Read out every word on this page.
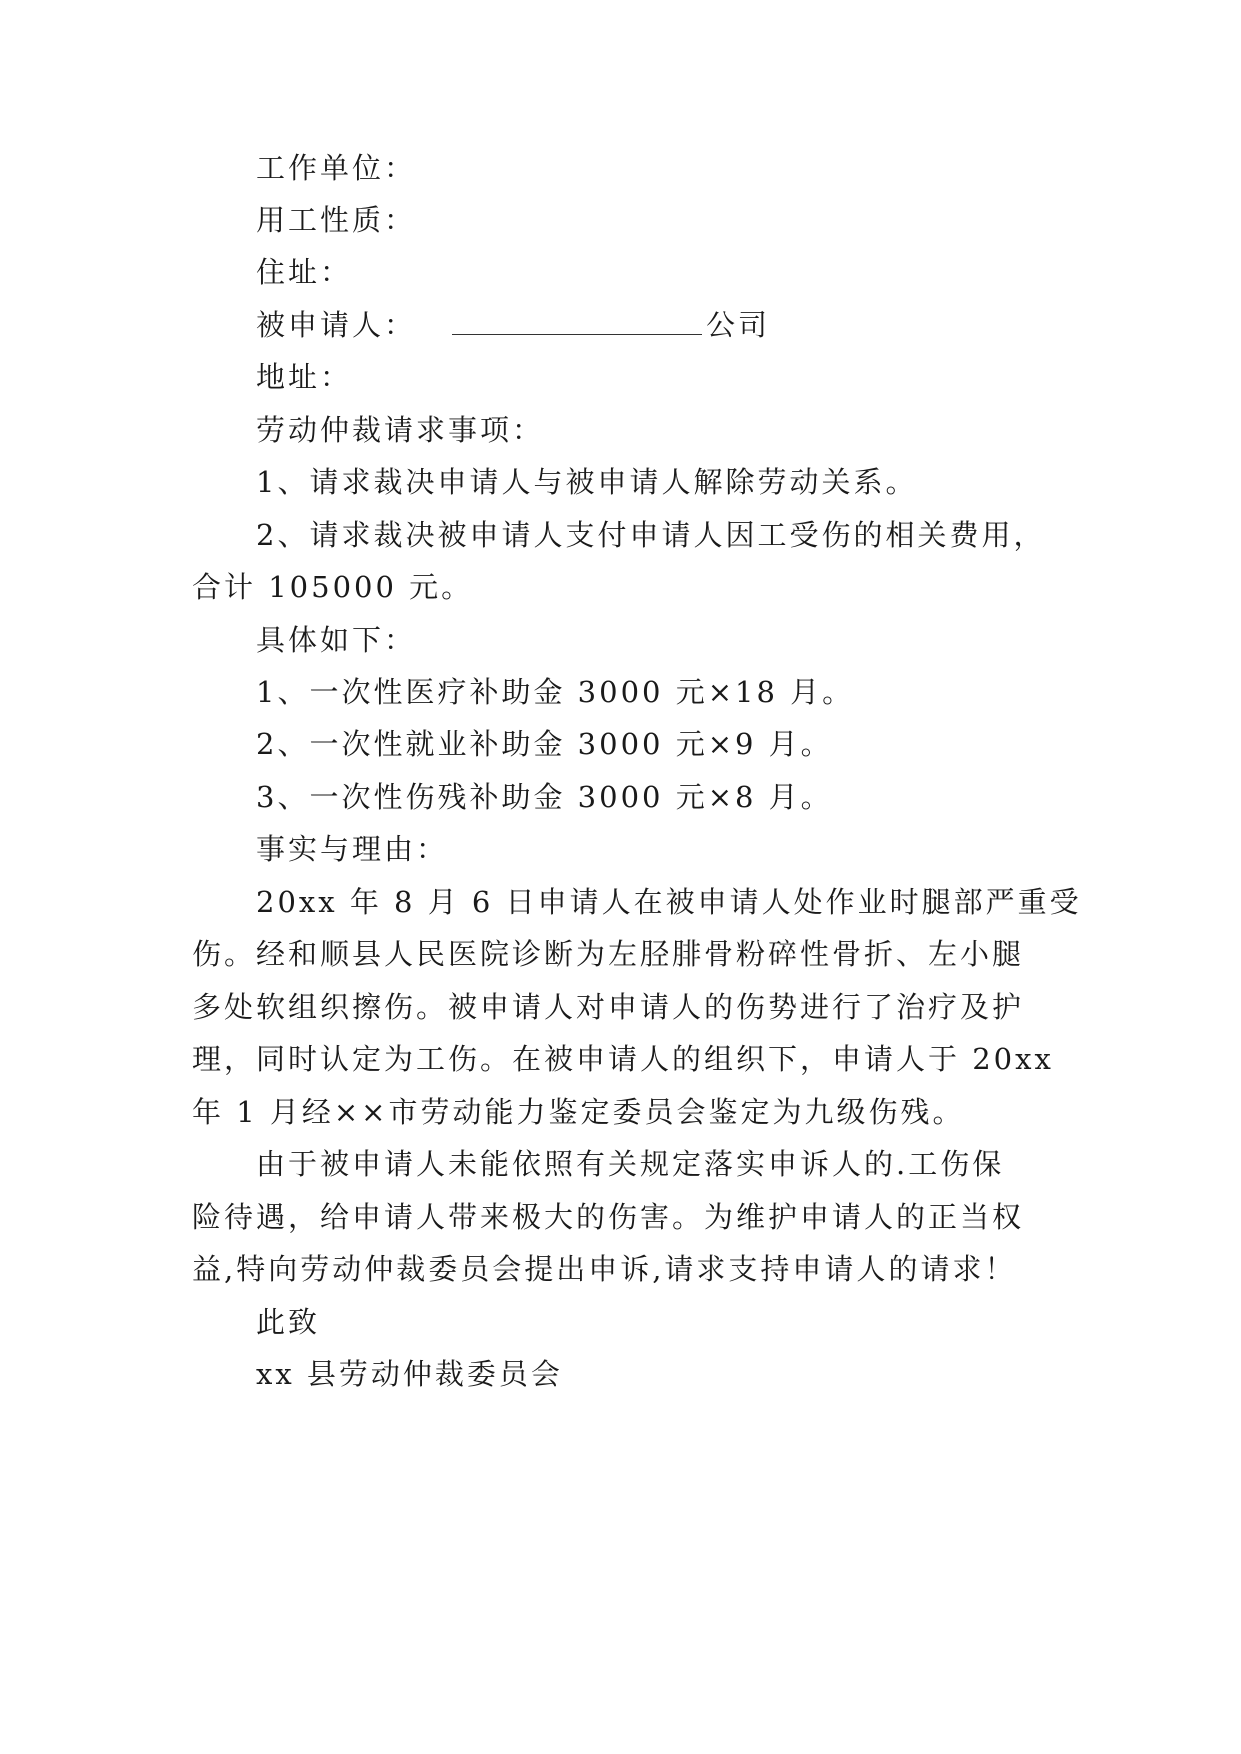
工作单位：
用工性质：
住址：
被申请人：	公司
地址：
劳动仲裁请求事项：
1、请求裁决申请人与被申请人解除劳动关系。
2、请求裁决被申请人支付申请人因工受伤的相关费用，
合计 105000 元。
具体如下：
1、一次性医疗补助金 3000 元×18 月。
2、一次性就业补助金 3000 元×9 月。
3、一次性伤残补助金 3000 元×8 月。
事实与理由：
20xx 年 8 月 6 日申请人在被申请人处作业时腿部严重受
伤。经和顺县人民医院诊断为左胫腓骨粉碎性骨折、左小腿
多处软组织擦伤。被申请人对申请人的伤势进行了治疗及护
理，同时认定为工伤。在被申请人的组织下，申请人于 20xx
年 1 月经××市劳动能力鉴定委员会鉴定为九级伤残。
由于被申请人未能依照有关规定落实申诉人的.工伤保
险待遇，给申请人带来极大的伤害。为维护申请人的正当权
益,特向劳动仲裁委员会提出申诉,请求支持申请人的请求！
此致
xx 县劳动仲裁委员会
